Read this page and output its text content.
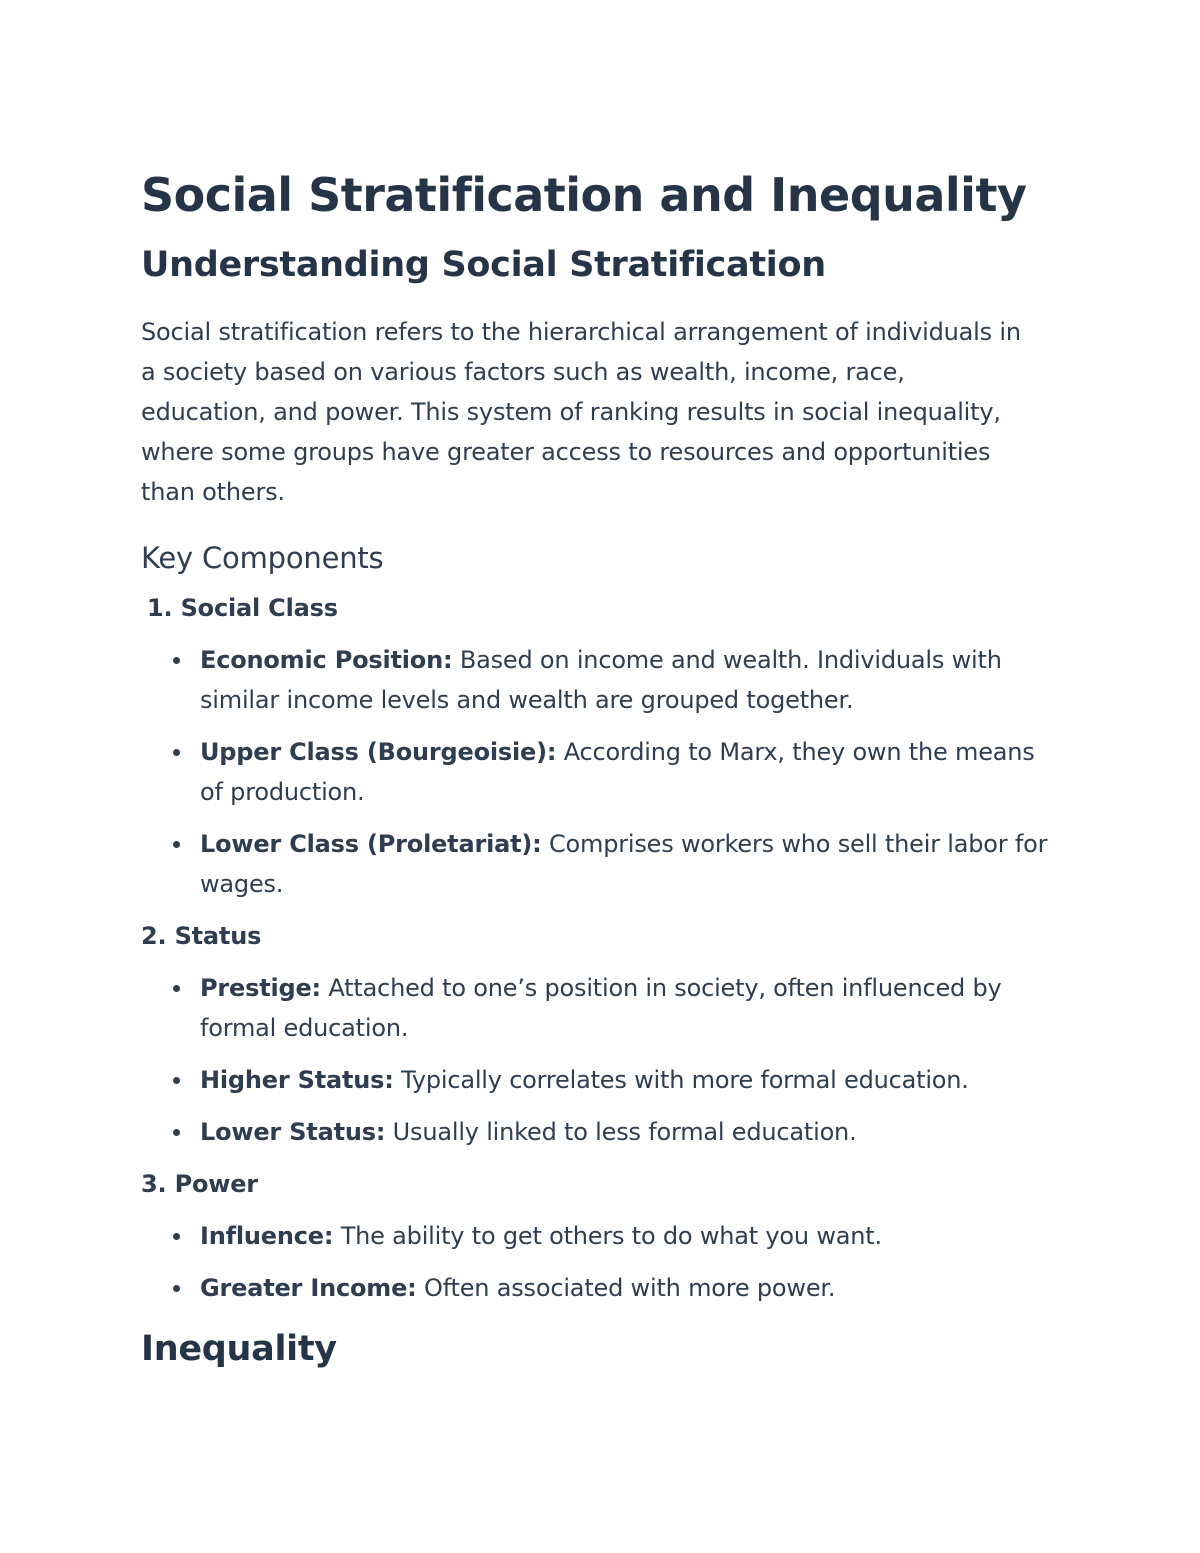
Social Stratification and Inequality
Understanding Social Stratification

Social stratification refers to the hierarchical arrangement of individuals in
a society based on various factors such as wealth, income, race,
education, and power. This system of ranking results in social inequality,
where some groups have greater access to resources and opportunities
than others.

Key Components
1. Social Class
Economic Position: Based on income and wealth. Individuals with
similar income levels and wealth are grouped together.
Upper Class (Bourgeoisie): According to Marx, they own the means
of production.
Lower Class (Proletariat): Comprises workers who sell their labor for
wages.
2. Status
Prestige: Attached to one’s position in society, often influenced by
formal education.
Higher Status: Typically correlates with more formal education.
Lower Status: Usually linked to less formal education.
3. Power
Influence: The ability to get others to do what you want.
Greater Income: Often associated with more power.
Inequality
